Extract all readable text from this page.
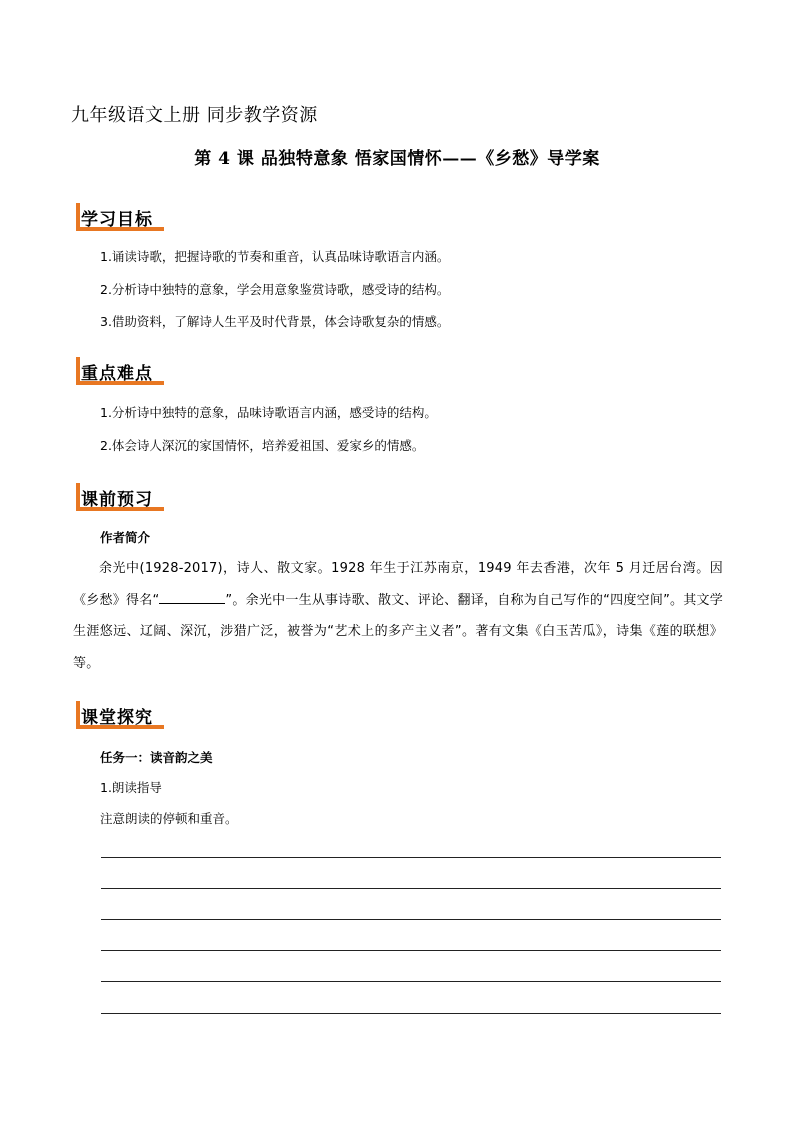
九年级语文上册 同步教学资源
第 4 课 品独特意象 悟家国情怀——《乡愁》导学案
学习目标
1.诵读诗歌，把握诗歌的节奏和重音，认真品味诗歌语言内涵。
2.分析诗中独特的意象，学会用意象鉴赏诗歌，感受诗的结构。
3.借助资料，了解诗人生平及时代背景，体会诗歌复杂的情感。
重点难点
1.分析诗中独特的意象，品味诗歌语言内涵，感受诗的结构。
2.体会诗人深沉的家国情怀，培养爱祖国、爱家乡的情感。
课前预习
作者简介
余光中(1928-2017)，诗人、散文家。1928 年生于江苏南京，1949 年去香港，次年 5 月迁居台湾。因《乡愁》得名“	”。余光中一生从事诗歌、散文、评论、翻译，自称为自己写作的“四度空间”。其文学生涯悠远、辽阔、深沉，涉猎广泛，被誉为“艺术上的多产主义者”。著有文集《白玉苦瓜》，诗集《莲的联想》等。
课堂探究
任务一：读音韵之美
1.朗读指导
注意朗读的停顿和重音。
